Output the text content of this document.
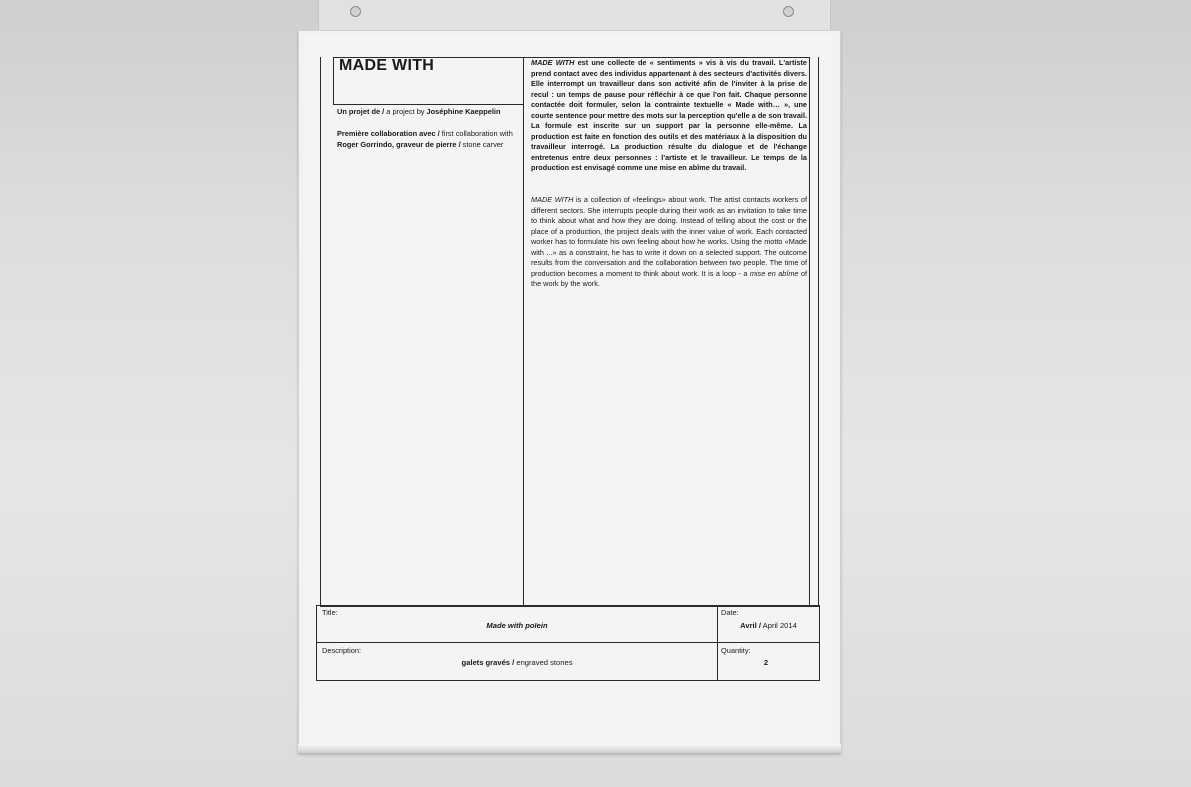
MADE WITH
Un projet de / a project by Joséphine Kaeppelin
Première collaboration avec / first collaboration with
Roger Gorrindo, graveur de pierre / stone carver
MADE WITH est une collecte de « sentiments » vis à vis du travail. L'artiste prend contact avec des individus appartenant à des secteurs d'activités divers. Elle interrompt un travailleur dans son activité afin de l'inviter à la prise de recul : un temps de pause pour réfléchir à ce que l'on fait. Chaque personne contactée doit formuler, selon la contrainte textuelle « Made with… », une courte sentence pour mettre des mots sur la perception qu'elle a de son travail. La formule est inscrite sur un support par la personne elle-même. La production est faite en fonction des outils et des matériaux à la disposition du travailleur interrogé. La production résulte du dialogue et de l'échange entretenus entre deux personnes : l'artiste et le travailleur. Le temps de la production est envisagé comme une mise en abîme du travail.
MADE WITH is a collection of «feelings» about work. The artist contacts workers of different sectors. She interrupts people during their work as an invitation to take time to think about what and how they are doing. Instead of telling about the cost or the place of a production, the project deals with the inner value of work. Each contacted worker has to formulate his own feeling about how he works. Using the motto «Made with ...» as a constraint, he has to write it down on a selected support. The outcome results from the conversation and the collaboration between two people. The time of production becomes a moment to think about work. It is a loop - a mise en abîme of the work by the work.
Title:
Made with poïein
Date:
Avril / April 2014
Description:
galets gravés / engraved stones
Quantity:
2
